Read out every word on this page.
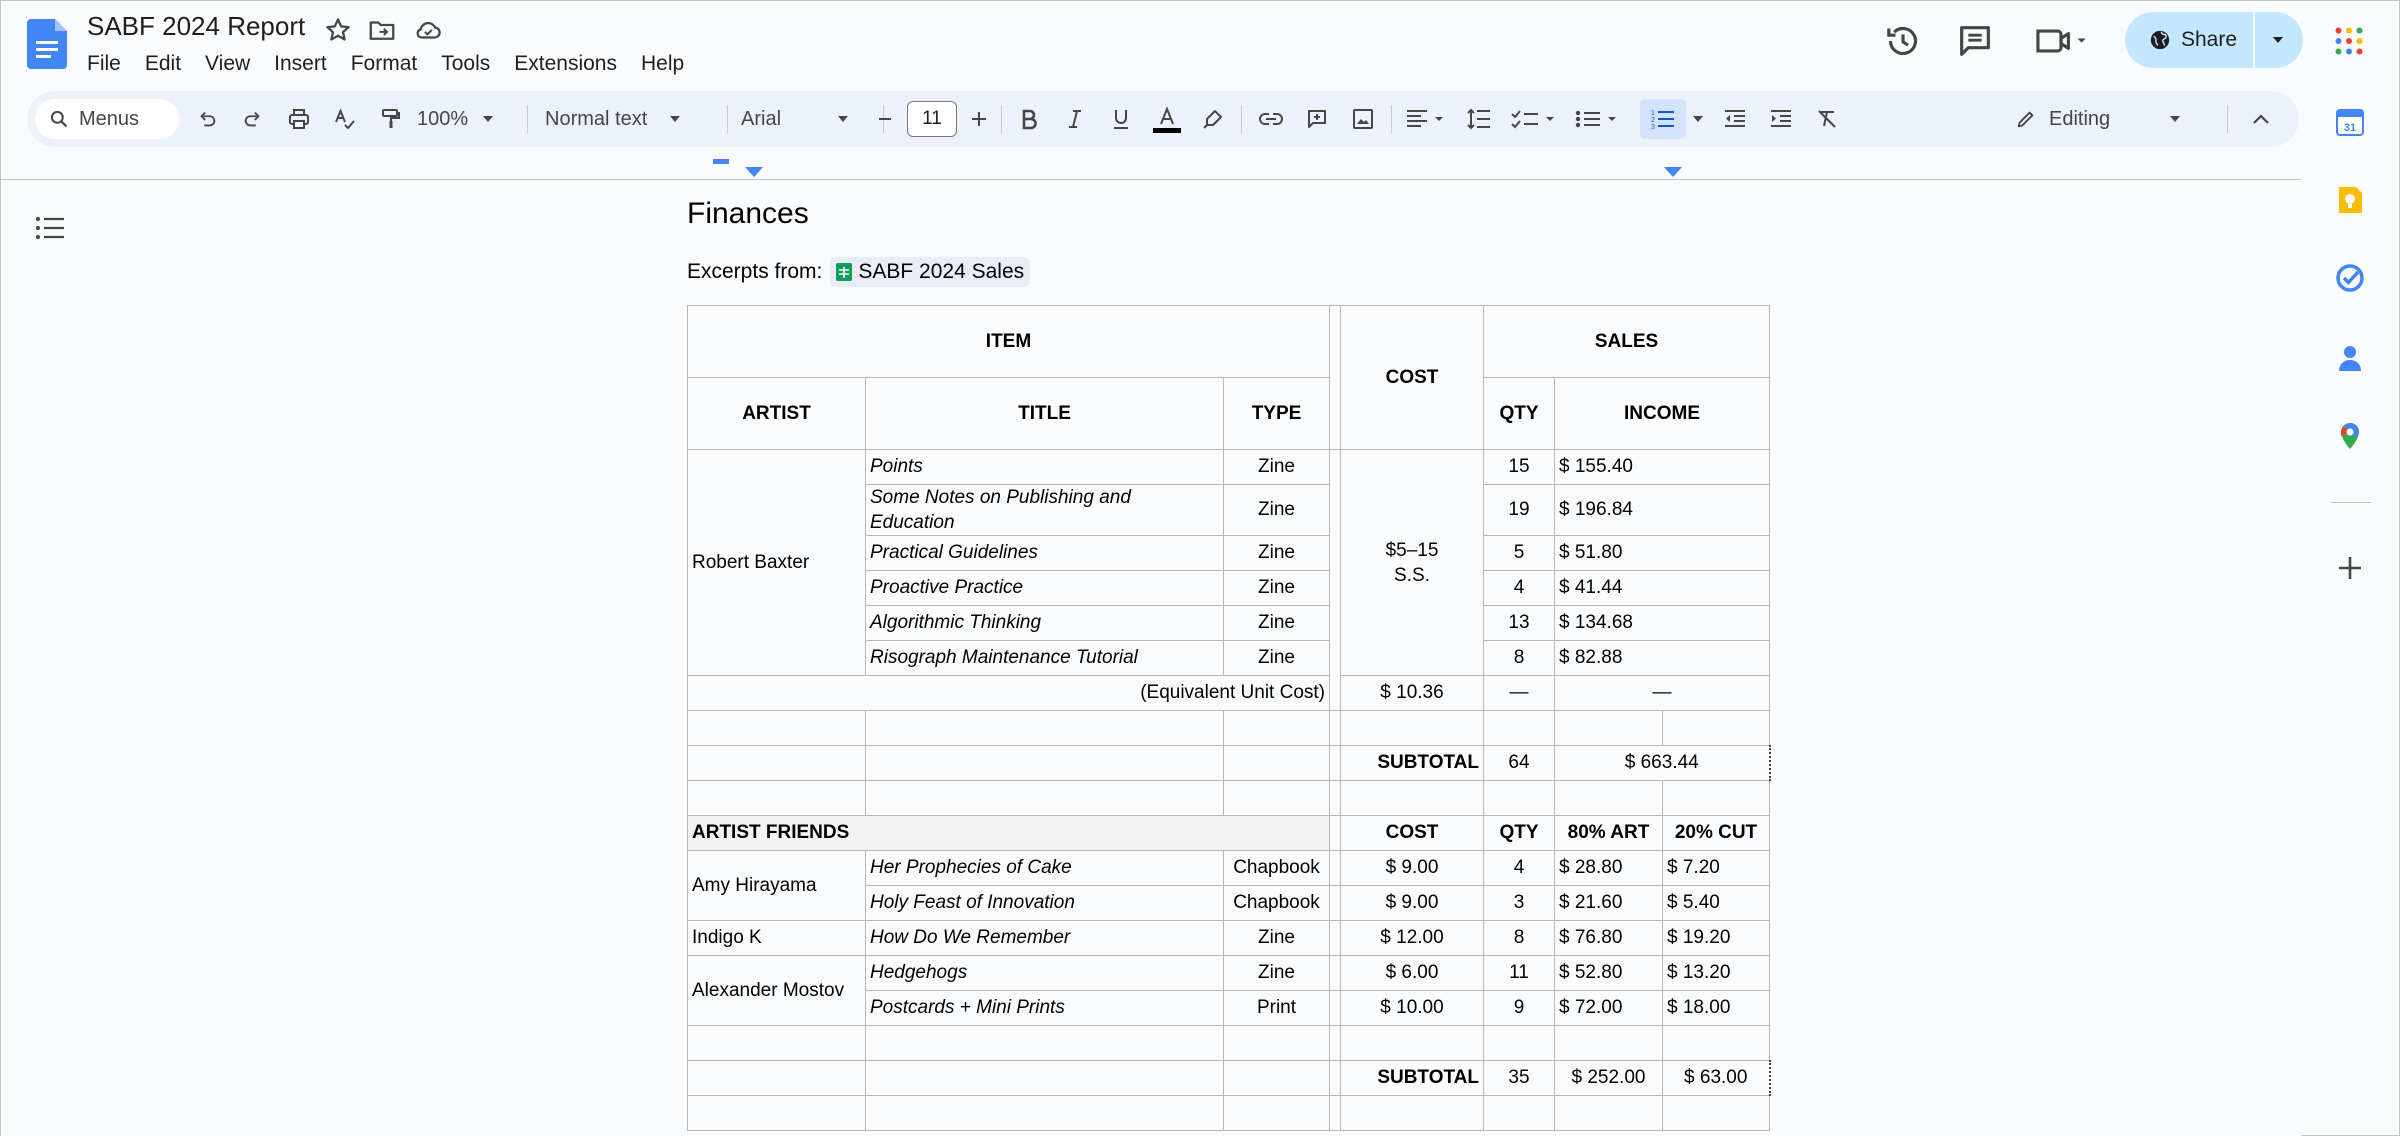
SABF 2024 Report
File	Edit	View	Insert	Format	Tools	Extensions	Help
Share
Menus	100%	Normal text	Arial	11	1
2
3	Editing
Finances
Excerpts from: SABF 2024 Sales
ITEM				COST	SALES		
ARTIST	TITLE	TYPE			QTY	INCOME	
Robert Baxter	Points	Zine		$5–15 S.S.	15	$ 155.40	
	Some Notes on Publishing and Education	Zine			19	$ 196.84	
	Practical Guidelines	Zine			5	$ 51.80	
	Proactive Practice	Zine			4	$ 41.44	
	Algorithmic Thinking	Zine			13	$ 134.68	
	Risograph Maintenance Tutorial	Zine			8	$ 82.88	
(Equivalent Unit Cost)				$ 10.36	—	—	

				SUBTOTAL	64	$ 663.44	

ARTIST FRIENDS				COST	QTY	80% ART	20% CUT
Amy Hirayama	Her Prophecies of Cake	Chapbook		$ 9.00	4	$ 28.80	$ 7.20
	Holy Feast of Innovation	Chapbook		$ 9.00	3	$ 21.60	$ 5.40
Indigo K	How Do We Remember	Zine		$ 12.00	8	$ 76.80	$ 19.20
Alexander Mostov	Hedgehogs	Zine		$ 6.00	11	$ 52.80	$ 13.20
	Postcards + Mini Prints	Print		$ 10.00	9	$ 72.00	$ 18.00

				SUBTOTAL	35	$ 252.00	$ 63.00

31
